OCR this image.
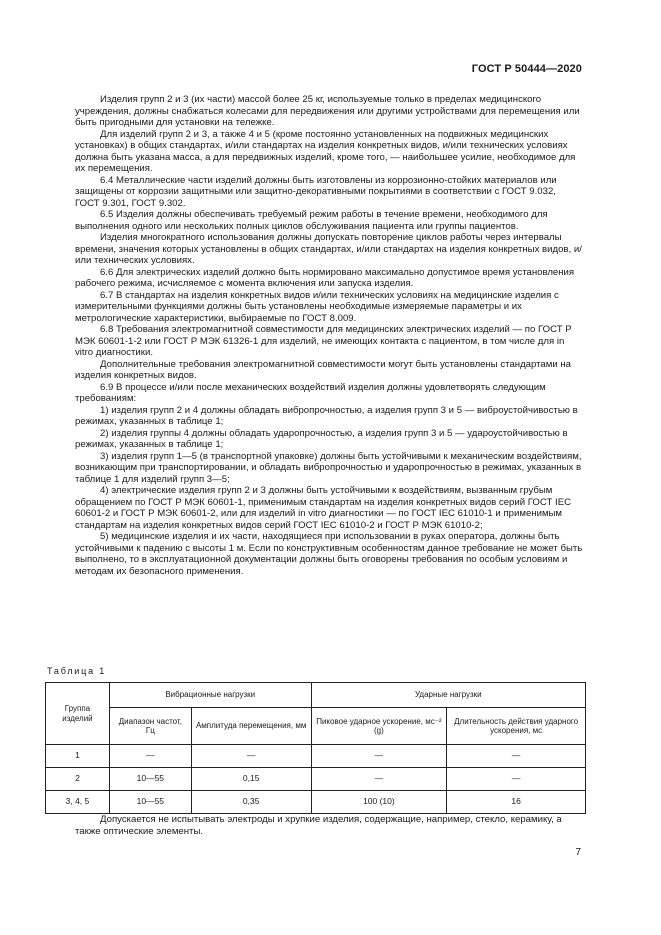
ГОСТ Р 50444—2020

Изделия групп 2 и 3 (их части) массой более 25 кг, используемые только в пределах медицинского учреждения, должны снабжаться колесами для передвижения или другими устройствами для перемещения или быть пригодными для установки на тележке.

Для изделий групп 2 и 3, а также 4 и 5 (кроме постоянно установленных на подвижных медицинских установках) в общих стандартах, и/или стандартах на изделия конкретных видов, и/или технических условиях должна быть указана масса, а для передвижных изделий, кроме того, — наибольшее усилие, необходимое для их перемещения.

6.4 Металлические части изделий должны быть изготовлены из коррозионно-стойких материалов или защищены от коррозии защитными или защитно-декоративными покрытиями в соответствии с ГОСТ 9.032, ГОСТ 9.301, ГОСТ 9.302.

6.5 Изделия должны обеспечивать требуемый режим работы в течение времени, необходимого для выполнения одного или нескольких полных циклов обслуживания пациента или группы пациентов.

Изделия многократного использования должны допускать повторение циклов работы через интервалы времени, значения которых установлены в общих стандартах, и/или стандартах на изделия конкретных видов, и/или технических условиях.

6.6 Для электрических изделий должно быть нормировано максимально допустимое время установления рабочего режима, исчисляемое с момента включения или запуска изделия.

6.7 В стандартах на изделия конкретных видов и/или технических условиях на медицинские изделия с измерительными функциями должны быть установлены необходимые измеряемые параметры и их метрологические характеристики, выбираемые по ГОСТ 8.009.

6.8 Требования электромагнитной совместимости для медицинских электрических изделий — по ГОСТ Р МЭК 60601-1-2 или ГОСТ Р МЭК 61326-1 для изделий, не имеющих контакта с пациентом, в том числе для in vitro диагностики.

Дополнительные требования электромагнитной совместимости могут быть установлены стандартами на изделия конкретных видов.

6.9 В процессе и/или после механических воздействий изделия должны удовлетворять следующим требованиям:

1) изделия групп 2 и 4 должны обладать вибропрочностью, а изделия групп 3 и 5 — виброустойчивостью в режимах, указанных в таблице 1;

2) изделия группы 4 должны обладать ударопрочностью, а изделия групп 3 и 5 — удароустойчивостью в режимах, указанных в таблице 1;

3) изделия групп 1—5 (в транспортной упаковке) должны быть устойчивыми к механическим воздействиям, возникающим при транспортировании, и обладать вибропрочностью и ударопрочностью в режимах, указанных в таблице 1 для изделий групп 3—5;

4) электрические изделия групп 2 и 3 должны быть устойчивыми к воздействиям, вызванным грубым обращением по ГОСТ Р МЭК 60601-1, применимым стандартам на изделия конкретных видов серий ГОСТ IEC 60601-2 и ГОСТ Р МЭК 60601-2, или для изделий in vitro диагностики — по ГОСТ IEC 61010-1 и применимым стандартам на изделия конкретных видов серий ГОСТ IEC 61010-2 и ГОСТ Р МЭК 61010-2;

5) медицинские изделия и их части, находящиеся при использовании в руках оператора, должны быть устойчивыми к падению с высоты 1 м. Если по конструктивным особенностям данное требование не может быть выполнено, то в эксплуатационной документации должны быть оговорены требования по особым условиям и методам их безопасного применения.

Таблица 1
Группа изделий	Вибрационные нагрузки		Ударные нагрузки	
	Диапазон частот, Гц	Амплитуда перемещения, мм	Пиковое ударное ускорение, мс⁻² (g)	Длительность действия ударного ускорения, мс
1	—	—	—	—
2	10—55	0,15	—	—
3, 4, 5	10—55	0,35	100 (10)	16

Допускается не испытывать электроды и хрупкие изделия, содержащие, например, стекло, керамику, а также оптические элементы.

7
